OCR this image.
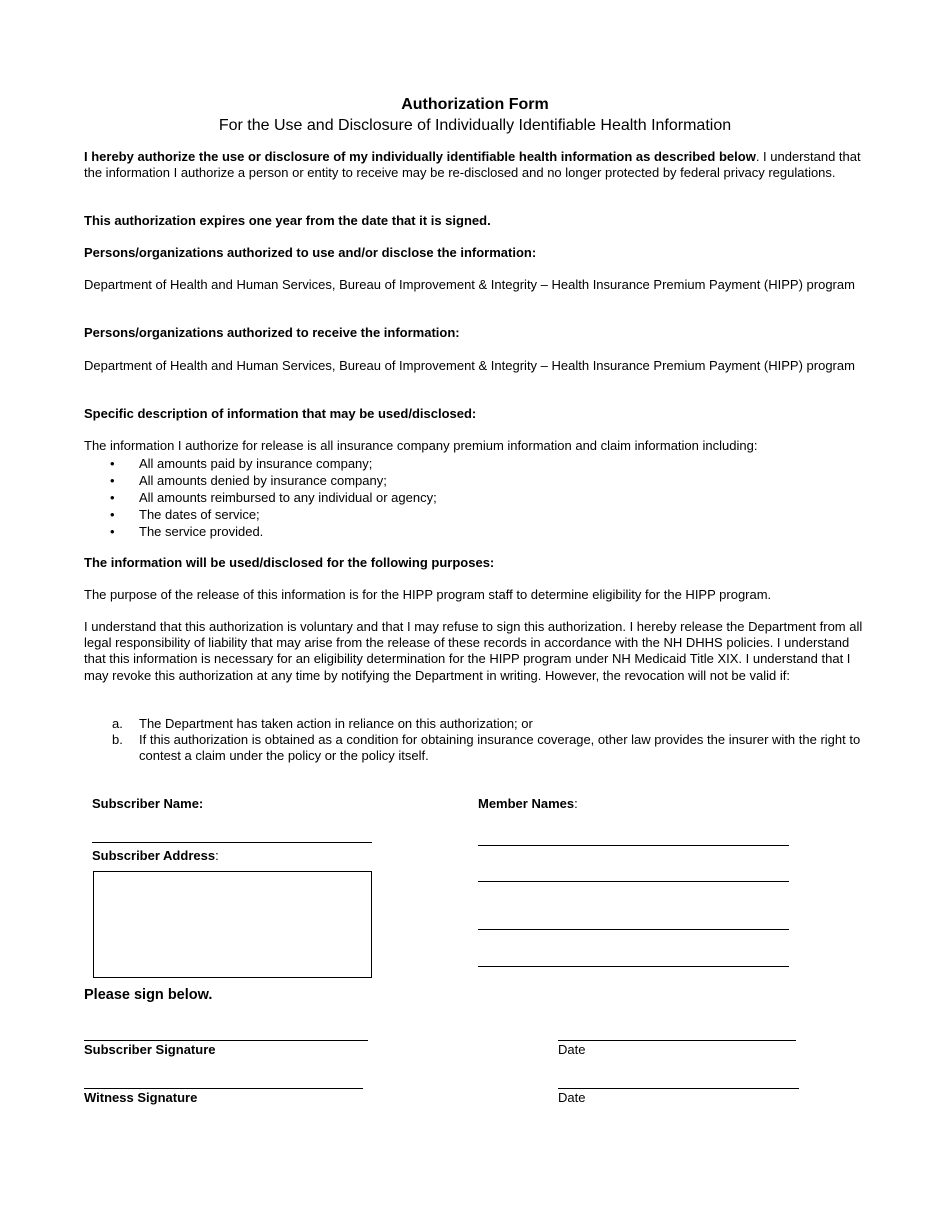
Authorization Form
For the Use and Disclosure of Individually Identifiable Health Information
I hereby authorize the use or disclosure of my individually identifiable health information as described below. I understand that the information I authorize a person or entity to receive may be re-disclosed and no longer protected by federal privacy regulations.
This authorization expires one year from the date that it is signed.
Persons/organizations authorized to use and/or disclose the information:
Department of Health and Human Services, Bureau of Improvement & Integrity – Health Insurance Premium Payment (HIPP) program
Persons/organizations authorized to receive the information:
Department of Health and Human Services, Bureau of Improvement & Integrity – Health Insurance Premium Payment (HIPP) program
Specific description of information that may be used/disclosed:
The information I authorize for release is all insurance company premium information and claim information including:
• All amounts paid by insurance company;
• All amounts denied by insurance company;
• All amounts reimbursed to any individual or agency;
• The dates of service;
• The service provided.
The information will be used/disclosed for the following purposes:
The purpose of the release of this information is for the HIPP program staff to determine eligibility for the HIPP program.
I understand that this authorization is voluntary and that I may refuse to sign this authorization. I hereby release the Department from all legal responsibility of liability that may arise from the release of these records in accordance with the NH DHHS policies. I understand that this information is necessary for an eligibility determination for the HIPP program under NH Medicaid Title XIX. I understand that I may revoke this authorization at any time by notifying the Department in writing. However, the revocation will not be valid if:
a. The Department has taken action in reliance on this authorization; or
b. If this authorization is obtained as a condition for obtaining insurance coverage, other law provides the insurer with the right to contest a claim under the policy or the policy itself.
Subscriber Name:
Subscriber Address:
Member Names:
Please sign below.
Subscriber Signature	Date
Witness Signature	Date
